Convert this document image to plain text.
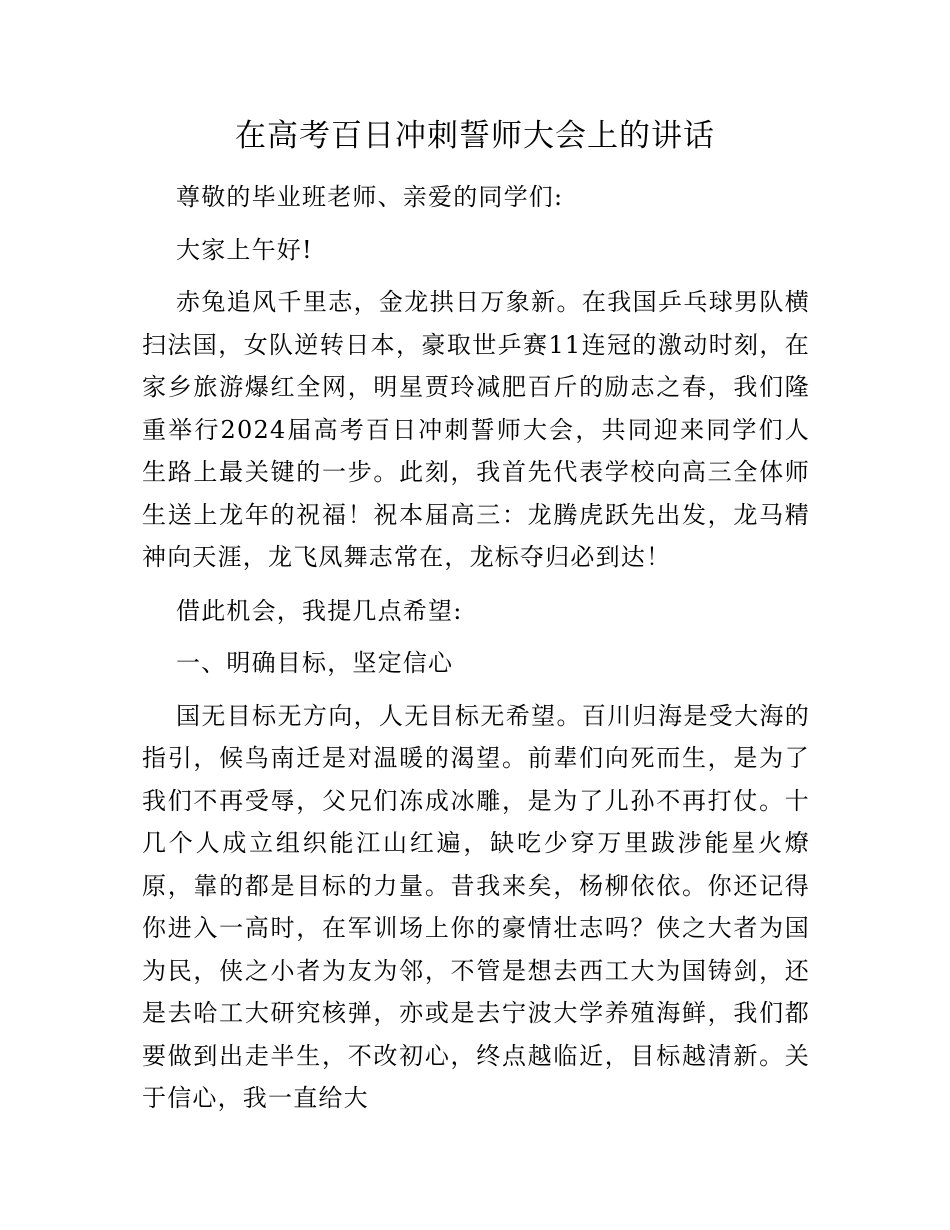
在高考百日冲刺誓师大会上的讲话

尊敬的毕业班老师、亲爱的同学们:

大家上午好!

赤兔追风千里志，金龙拱日万象新。在我国乒乓球男队横扫法国，女队逆转日本，豪取世乒赛11连冠的激动时刻，在家乡旅游爆红全网，明星贾玲减肥百斤的励志之春，我们隆重举行2024届高考百日冲刺誓师大会，共同迎来同学们人生路上最关键的一步。此刻，我首先代表学校向高三全体师生送上龙年的祝福！祝本届高三：龙腾虎跃先出发，龙马精神向天涯，龙飞凤舞志常在，龙标夺归必到达！

借此机会，我提几点希望:

一、明确目标，坚定信心

国无目标无方向，人无目标无希望。百川归海是受大海的指引，候鸟南迁是对温暖的渴望。前辈们向死而生，是为了我们不再受辱，父兄们冻成冰雕，是为了儿孙不再打仗。十几个人成立组织能江山红遍，缺吃少穿万里跋涉能星火燎原，靠的都是目标的力量。昔我来矣，杨柳依依。你还记得你进入一高时，在军训场上你的豪情壮志吗？侠之大者为国为民，侠之小者为友为邻，不管是想去西工大为国铸剑，还是去哈工大研究核弹，亦或是去宁波大学养殖海鲜，我们都要做到出走半生，不改初心，终点越临近，目标越清新。关于信心，我一直给大
